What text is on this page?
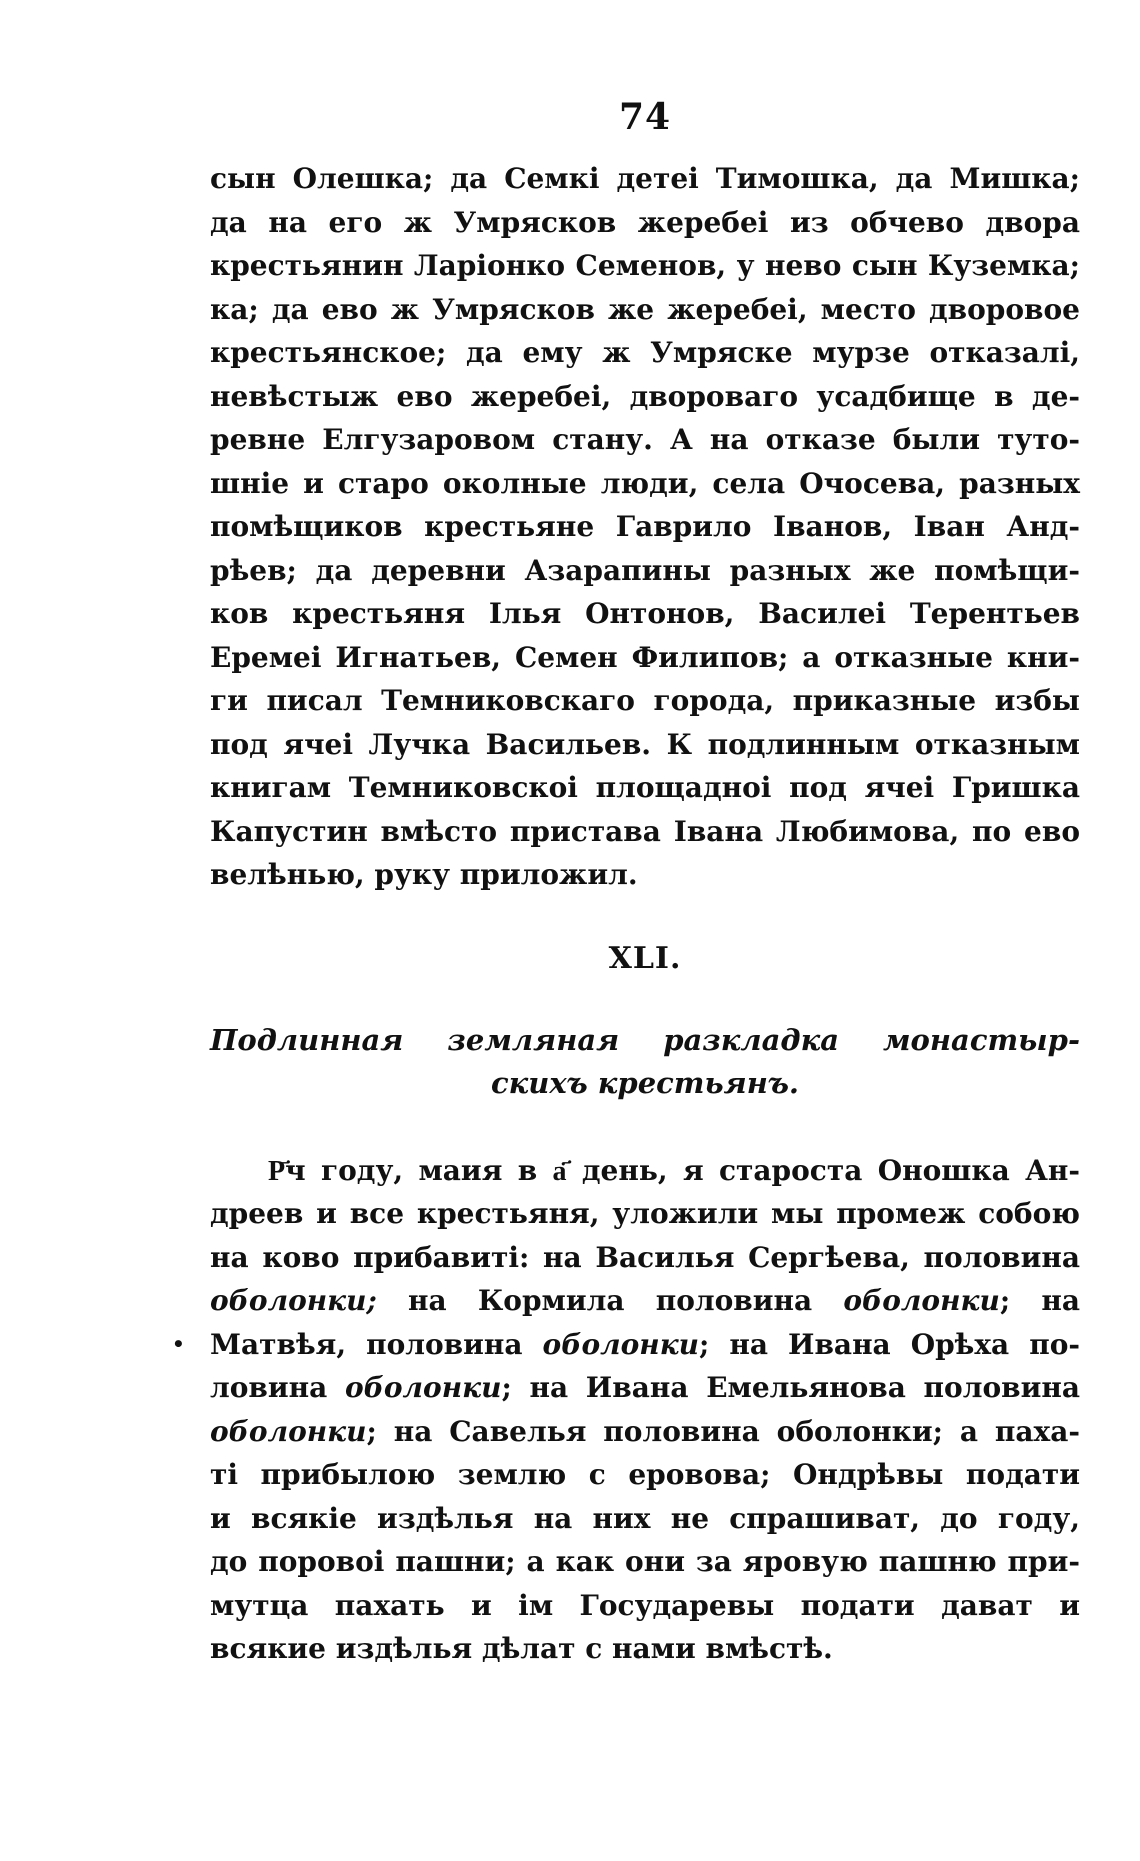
74
сын Олешка; да Семкі детеі Тимошка, да Мишка;
да на его ж Умрясков жеребеі из обчево двора
крестьянин Ларіонко Семенов, у нево сын Куземка;
ка; да ево ж Умрясков же жеребеі, место дворовое
крестьянское; да ему ж Умряске мурзе отказалі,
невѣстыж ево жеребеі, двороваго усадбище в де-
ревне Елгузаровом стану. А на отказе были туто-
шніе и старо околные люди, села Очосева, разных
помѣщиков крестьяне Гаврило Іванов, Іван Анд-
рѣев; да деревни Азарапины разных же помѣщи-
ков крестьяня Ілья Онтонов, Василеі Терентьев
Еремеі Игнатьев, Семен Филипов; а отказные кни-
ги писал Темниковскаго города, приказные избы
под ячеі Лучка Васильев. К подлинным отказным
книгам Темниковскоі площадноі под ячеі Гришка
Капустин вмѣсто пристава Івана Любимова, по ево
велѣнью, руку приложил.
XLI.
Подлинная земляная разкладка монастыр-
скихъ крестьянъ.
Р҃ч году, маия в а҃ день, я староста Оношка Ан-
дреев и все крестьяня, уложили мы промеж собою
на ково прибавиті: на Василья Сергѣева, половина
оболонки; на Кормила половина оболонки; на
• Матвѣя, половина оболонки; на Ивана Орѣха по-
ловина оболонки; на Ивана Емельянова половина
оболонки; на Савелья половина оболонки; а паха-
ті прибылою землю с еровова; Ондрѣвы подати
и всякіе издѣлья на них не спрашиват, до году,
до поровоі пашни; а как они за яровую пашню при-
мутца пахать и ім Государевы подати дават и
всякие издѣлья дѣлат с нами вмѣстѣ.
